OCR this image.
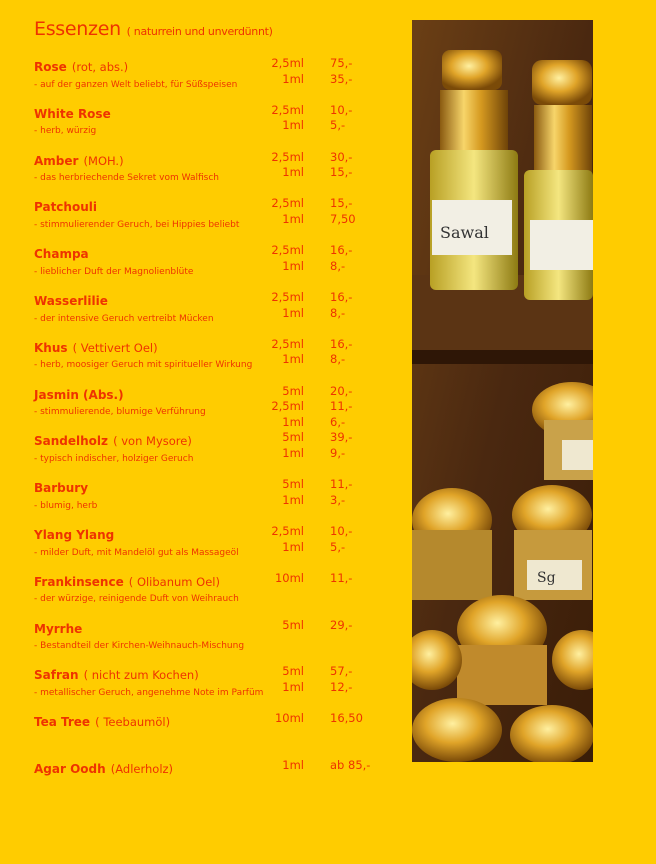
Essenzen ( naturrein und unverdünnt)
Rose (rot, abs.)	2,5ml 75,-
- auf der ganzen Welt beliebt, für Süßspeisen	1ml 35,-
White Rose	2,5ml 10,-
- herb, würzig	1ml 5,-
Amber (MOH.)	2,5ml 30,-
- das herbriechende Sekret vom Walfisch	1ml 15,-
Patchouli	2,5ml 15,-
- stimmulierender Geruch, bei Hippies beliebt	1ml 7,50
Champa	2,5ml 16,-
- lieblicher Duft der Magnolienblüte	1ml 8,-
Wasserlilie	2,5ml 16,-
- der intensive Geruch vertreibt Mücken	1ml 8,-
Khus ( Vettivert Oel)	2,5ml 16,-
- herb, moosiger Geruch mit spiritueller Wirkung	1ml 8,-
Jasmin (Abs.)	5ml 20,-
- stimmulierende, blumige Verführung	2,5ml 11,-
1ml 6,-
Sandelholz ( von Mysore)	5ml 39,-
- typisch indischer, holziger Geruch	1ml 9,-
Barbury	5ml 11,-
- blumig, herb	1ml 3,-
Ylang Ylang	2,5ml 10,-
- milder Duft, mit Mandelöl gut als Massageöl	1ml 5,-
Frankinsence ( Olibanum Oel)	10ml 11,-
- der würzige, reinigende Duft von Weihrauch
Myrrhe	5ml 29,-
- Bestandteil der Kirchen-Weihnauch-Mischung
Safran ( nicht zum Kochen)	5ml 57,-
- metallischer Geruch, angenehme Note im Parfüm 1ml 12,-
Tea Tree ( Teebaumöl)	10ml 16,50
Agar Oodh (Adlerholz)	1ml ab 85,-
Sawal
Sg
